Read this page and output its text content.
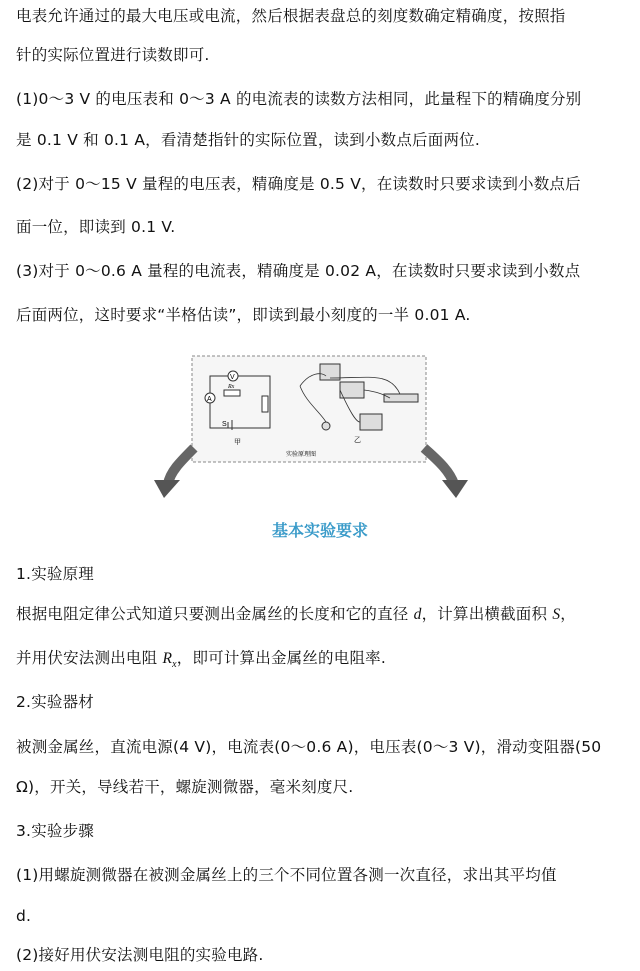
电表允许通过的最大电压或电流，然后根据表盘总的刻度数确定精确度，按照指
针的实际位置进行读数即可.
(1)0～3 V 的电压表和 0～3 A 的电流表的读数方法相同，此量程下的精确度分别
是 0.1 V 和 0.1 A，看清楚指针的实际位置，读到小数点后面两位.
(2)对于 0～15 V 量程的电压表，精确度是 0.5 V，在读数时只要求读到小数点后
面一位，即读到 0.1 V.
(3)对于 0～0.6 A 量程的电流表，精确度是 0.02 A，在读数时只要求读到小数点
后面两位，这时要求“半格估读”，即读到最小刻度的一半 0.01 A.
V
A
Rx
S
甲	乙
实验原理图
基本实验要求
1.实验原理
根据电阻定律公式知道只要测出金属丝的长度和它的直径 d，计算出横截面积 S，
并用伏安法测出电阻 $R_x$，即可计算出金属丝的电阻率.
2.实验器材
被测金属丝，直流电源(4 V)，电流表(0～0.6 A)，电压表(0～3 V)，滑动变阻器(50
Ω)，开关，导线若干，螺旋测微器，毫米刻度尺.
3.实验步骤
(1)用螺旋测微器在被测金属丝上的三个不同位置各测一次直径，求出其平均值
d.
(2)接好用伏安法测电阻的实验电路.
